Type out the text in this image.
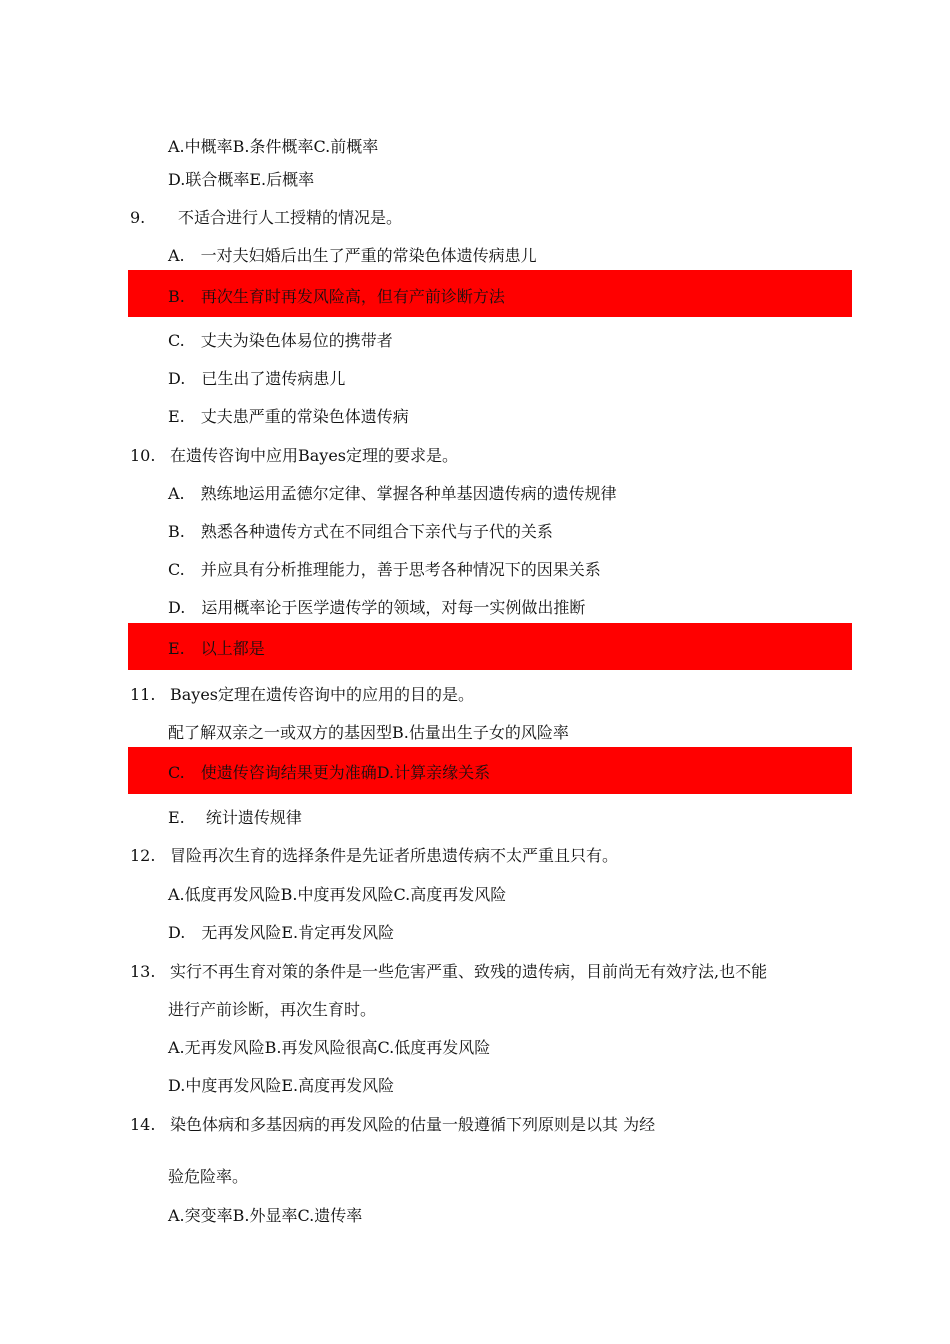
A.中概率B.条件概率C.前概率
D.联合概率E.后概率
9. 不适合进行人工授精的情况是。
A.　一对夫妇婚后出生了严重的常染色体遗传病患儿
B.　再次生育时再发风险高，但有产前诊断方法
C.　丈夫为染色体易位的携带者
D.　已生出了遗传病患儿
E.　丈夫患严重的常染色体遗传病
10. 在遗传咨询中应用Bayes定理的要求是。
A.　熟练地运用孟德尔定律、掌握各种单基因遗传病的遗传规律
B.　熟悉各种遗传方式在不同组合下亲代与子代的关系
C.　并应具有分析推理能力，善于思考各种情况下的因果关系
D.　运用概率论于医学遗传学的领域，对每一实例做出推断
E.　以上都是
11. Bayes定理在遗传咨询中的应用的目的是。
配了解双亲之一或双方的基因型B.估量出生子女的风险率
C.　使遗传咨询结果更为准确D.计算亲缘关系
E.　 统计遗传规律
12. 冒险再次生育的选择条件是先证者所患遗传病不太严重且只有。
A.低度再发风险B.中度再发风险C.高度再发风险
D.　无再发风险E.肯定再发风险
13. 实行不再生育对策的条件是一些危害严重、致残的遗传病，目前尚无有效疗法,也不能
进行产前诊断，再次生育时。
A.无再发风险B.再发风险很高C.低度再发风险
D.中度再发风险E.高度再发风险
14. 染色体病和多基因病的再发风险的估量一般遵循下列原则是以其 为经
验危险率。
A.突变率B.外显率C.遗传率
